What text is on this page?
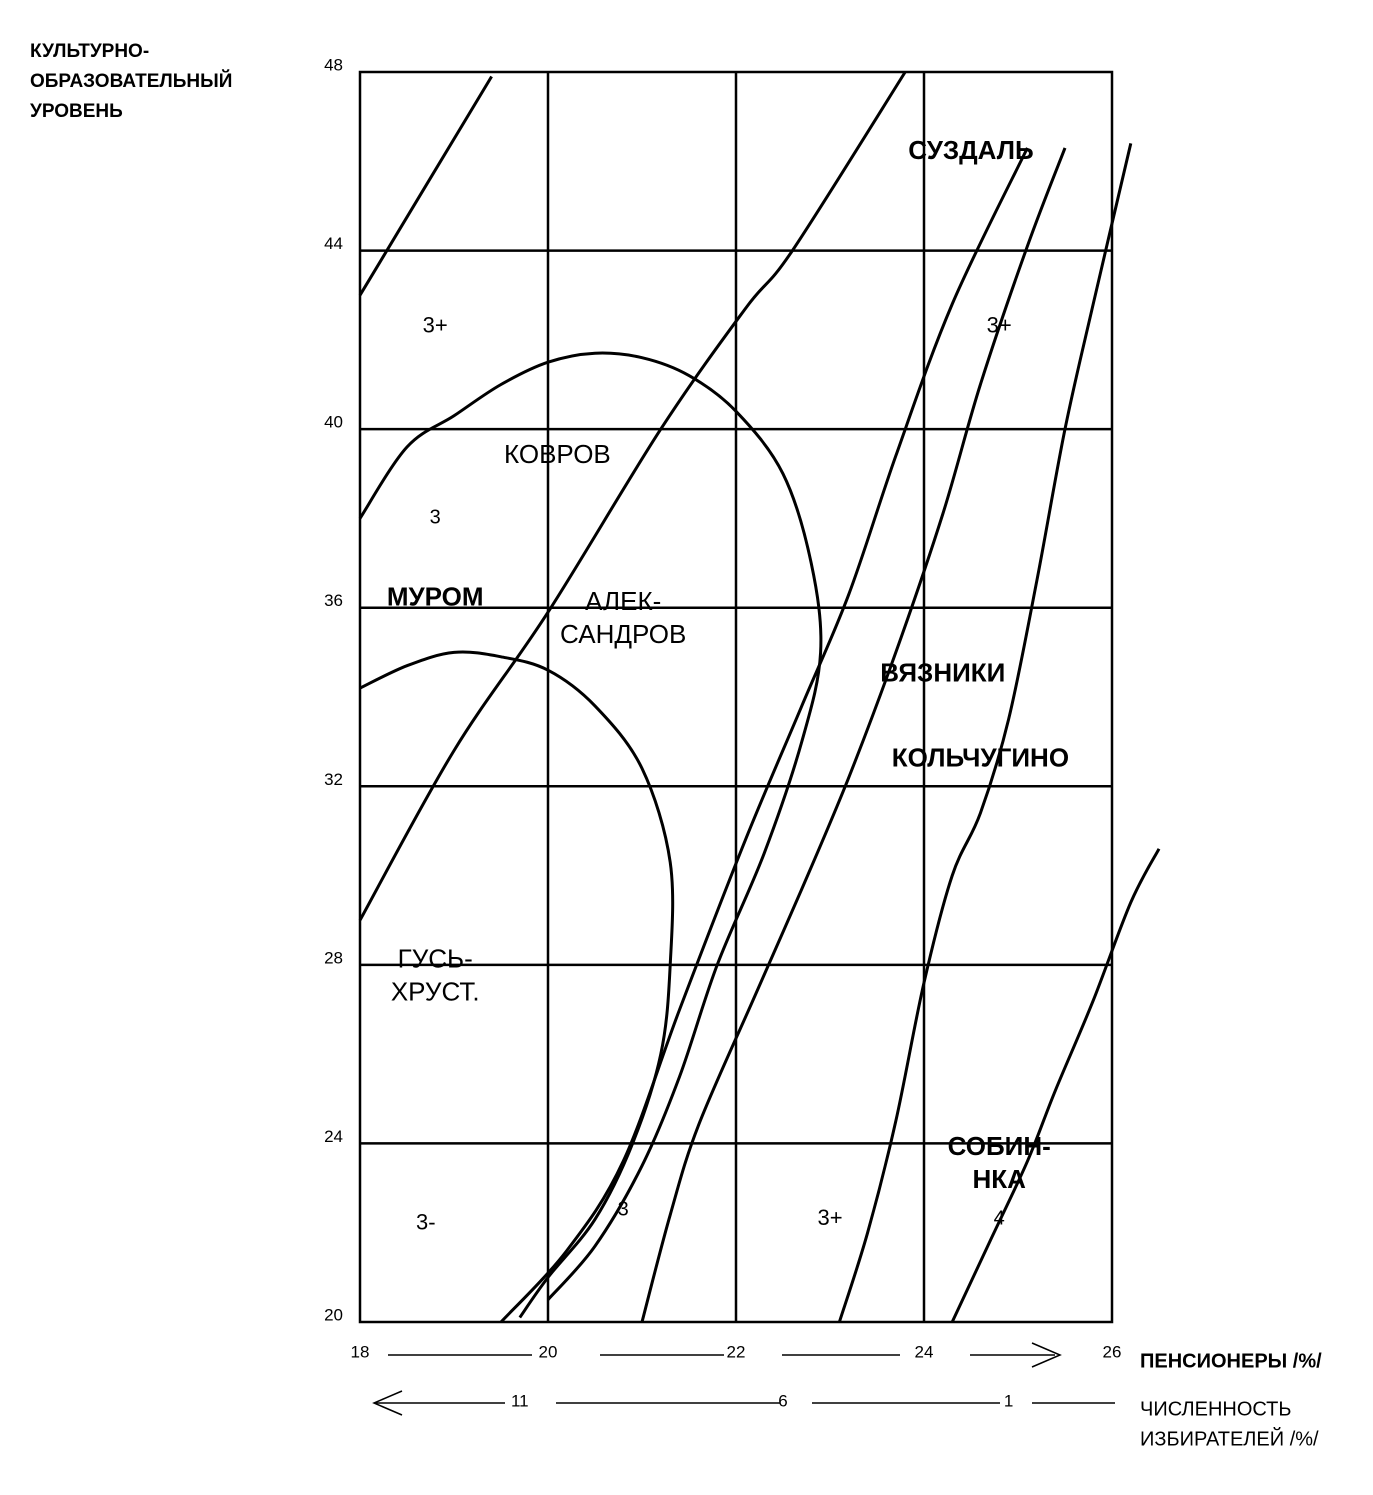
20
24
28
32
36
40
44
48
18	20	22	24	26
11	6	1
СУЗДАЛЬ
КОВРОВ
МУРОМ	АЛЕК-
САНДРОВ
ВЯЗНИКИ
КОЛЬЧУГИНО
ГУСЬ-
ХРУСТ.
СОБИН-
НКА
3+	3+
3
3-	3	3+	4
КУЛЬТУРНО-
ОБРАЗОВАТЕЛЬНЫЙ
УРОВЕНЬ
ПЕНСИОНЕРЫ /%/
ЧИСЛЕННОСТЬ
ИЗБИРАТЕЛЕЙ /%/
